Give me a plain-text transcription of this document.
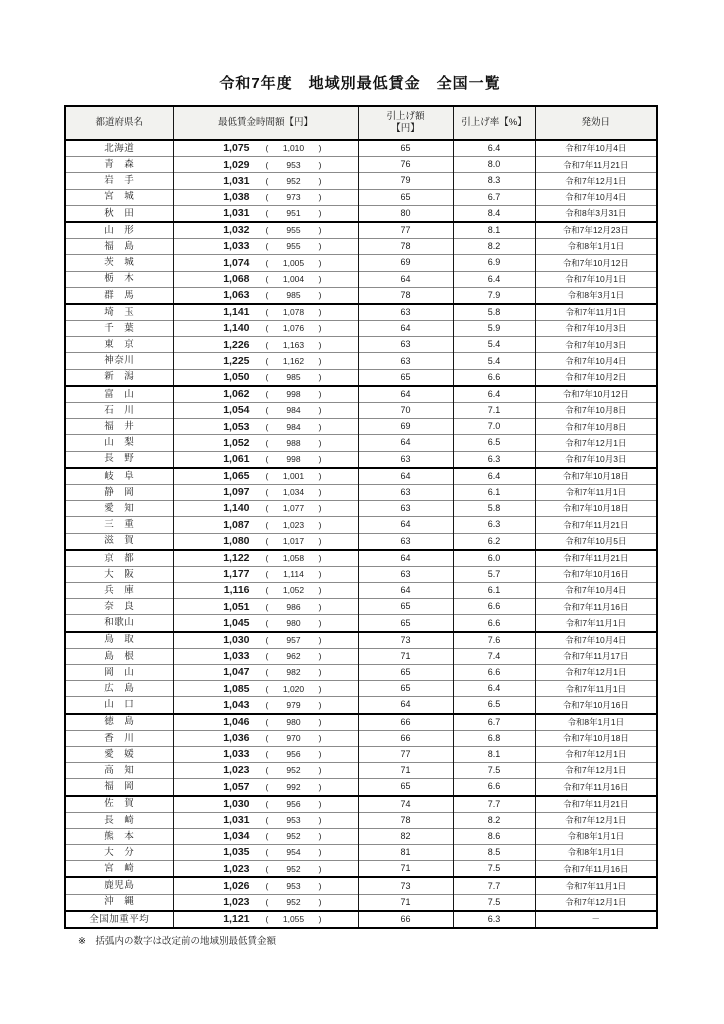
令和7年度　地域別最低賃金　全国一覧
都道府県名	最低賃金時間額【円】	引上げ額
【円】	引上げ率【%】	発効日
北海道	1,075 ( 1,010 )	65	6.4	令和7年10月4日
青　森	1,029 ( 953 )	76	8.0	令和7年11月21日
岩　手	1,031 ( 952 )	79	8.3	令和7年12月1日
宮　城	1,038 ( 973 )	65	6.7	令和7年10月4日
秋　田	1,031 ( 951 )	80	8.4	令和8年3月31日
山　形	1,032 ( 955 )	77	8.1	令和7年12月23日
福　島	1,033 ( 955 )	78	8.2	令和8年1月1日
茨　城	1,074 ( 1,005 )	69	6.9	令和7年10月12日
栃　木	1,068 ( 1,004 )	64	6.4	令和7年10月1日
群　馬	1,063 ( 985 )	78	7.9	令和8年3月1日
埼　玉	1,141 ( 1,078 )	63	5.8	令和7年11月1日
千　葉	1,140 ( 1,076 )	64	5.9	令和7年10月3日
東　京	1,226 ( 1,163 )	63	5.4	令和7年10月3日
神奈川	1,225 ( 1,162 )	63	5.4	令和7年10月4日
新　潟	1,050 ( 985 )	65	6.6	令和7年10月2日
富　山	1,062 ( 998 )	64	6.4	令和7年10月12日
石　川	1,054 ( 984 )	70	7.1	令和7年10月8日
福　井	1,053 ( 984 )	69	7.0	令和7年10月8日
山　梨	1,052 ( 988 )	64	6.5	令和7年12月1日
長　野	1,061 ( 998 )	63	6.3	令和7年10月3日
岐　阜	1,065 ( 1,001 )	64	6.4	令和7年10月18日
静　岡	1,097 ( 1,034 )	63	6.1	令和7年11月1日
愛　知	1,140 ( 1,077 )	63	5.8	令和7年10月18日
三　重	1,087 ( 1,023 )	64	6.3	令和7年11月21日
滋　賀	1,080 ( 1,017 )	63	6.2	令和7年10月5日
京　都	1,122 ( 1,058 )	64	6.0	令和7年11月21日
大　阪	1,177 ( 1,114 )	63	5.7	令和7年10月16日
兵　庫	1,116 ( 1,052 )	64	6.1	令和7年10月4日
奈　良	1,051 ( 986 )	65	6.6	令和7年11月16日
和歌山	1,045 ( 980 )	65	6.6	令和7年11月1日
鳥　取	1,030 ( 957 )	73	7.6	令和7年10月4日
島　根	1,033 ( 962 )	71	7.4	令和7年11月17日
岡　山	1,047 ( 982 )	65	6.6	令和7年12月1日
広　島	1,085 ( 1,020 )	65	6.4	令和7年11月1日
山　口	1,043 ( 979 )	64	6.5	令和7年10月16日
徳　島	1,046 ( 980 )	66	6.7	令和8年1月1日
香　川	1,036 ( 970 )	66	6.8	令和7年10月18日
愛　媛	1,033 ( 956 )	77	8.1	令和7年12月1日
高　知	1,023 ( 952 )	71	7.5	令和7年12月1日
福　岡	1,057 ( 992 )	65	6.6	令和7年11月16日
佐　賀	1,030 ( 956 )	74	7.7	令和7年11月21日
長　崎	1,031 ( 953 )	78	8.2	令和7年12月1日
熊　本	1,034 ( 952 )	82	8.6	令和8年1月1日
大　分	1,035 ( 954 )	81	8.5	令和8年1月1日
宮　崎	1,023 ( 952 )	71	7.5	令和7年11月16日
鹿児島	1,026 ( 953 )	73	7.7	令和7年11月1日
沖　縄	1,023 ( 952 )	71	7.5	令和7年12月1日
全国加重平均	1,121 ( 1,055 )	66	6.3	－

※　括弧内の数字は改定前の地域別最低賃金額
